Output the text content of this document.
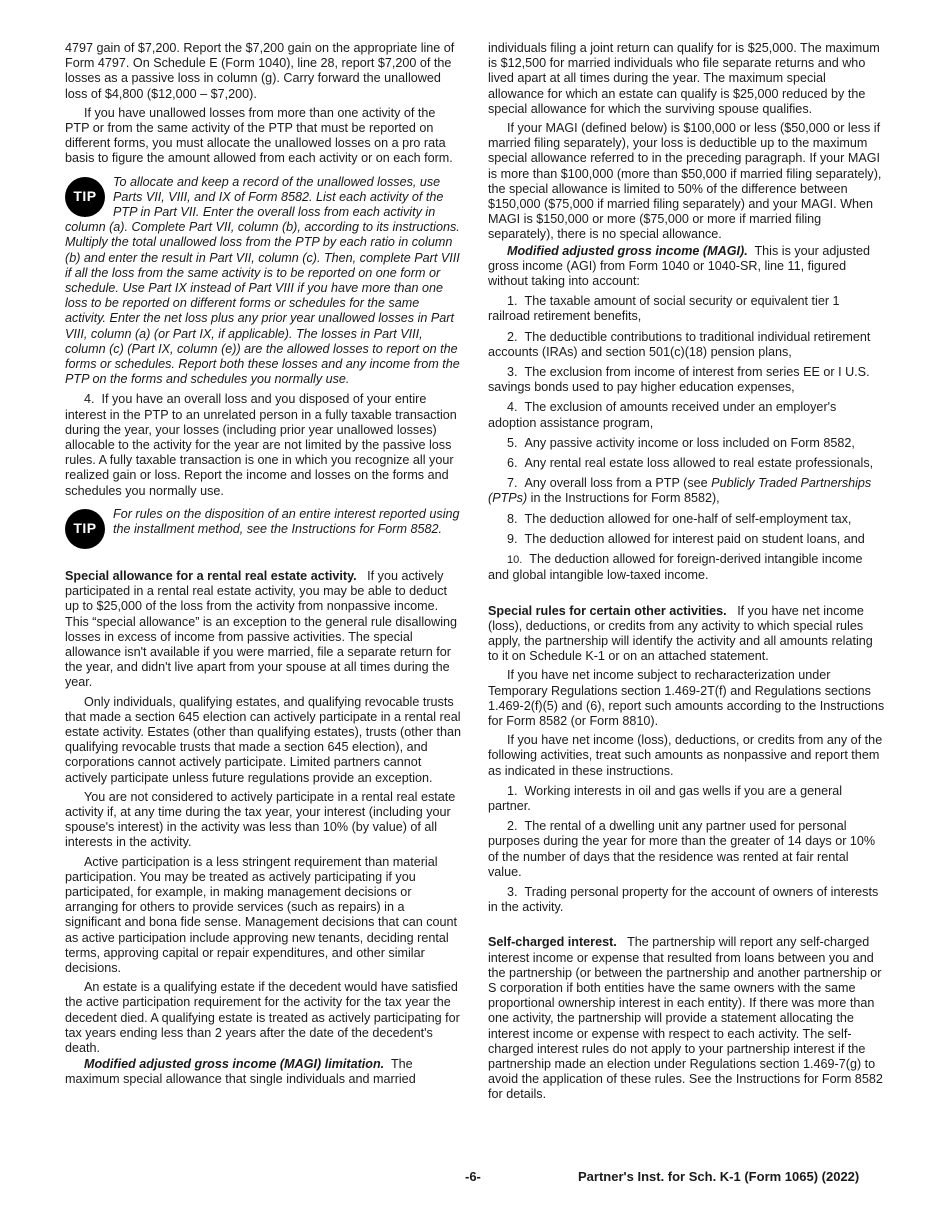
4797 gain of $7,200. Report the $7,200 gain on the appropriate line of Form 4797. On Schedule E (Form 1040), line 28, report $7,200 of the losses as a passive loss in column (g). Carry forward the unallowed loss of $4,800 ($12,000 – $7,200).

If you have unallowed losses from more than one activity of the PTP or from the same activity of the PTP that must be reported on different forms, you must allocate the unallowed losses on a pro rata basis to figure the amount allowed from each activity or on each form.

TIP
To allocate and keep a record of the unallowed losses, use Parts VII, VIII, and IX of Form 8582. List each activity of the PTP in Part VII. Enter the overall loss from each activity in column (a). Complete Part VII, column (b), according to its instructions. Multiply the total unallowed loss from the PTP by each ratio in column (b) and enter the result in Part VII, column (c). Then, complete Part VIII if all the loss from the same activity is to be reported on one form or schedule. Use Part IX instead of Part VIII if you have more than one loss to be reported on different forms or schedules for the same activity. Enter the net loss plus any prior year unallowed losses in Part VIII, column (a) (or Part IX, if applicable). The losses in Part VIII, column (c) (Part IX, column (e)) are the allowed losses to report on the forms or schedules. Report both these losses and any income from the PTP on the forms and schedules you normally use.

4. If you have an overall loss and you disposed of your entire interest in the PTP to an unrelated person in a fully taxable transaction during the year, your losses (including prior year unallowed losses) allocable to the activity for the year are not limited by the passive loss rules. A fully taxable transaction is one in which you recognize all your realized gain or loss. Report the income and losses on the forms and schedules you normally use.

TIP
For rules on the disposition of an entire interest reported using the installment method, see the Instructions for Form 8582.

Special allowance for a rental real estate activity. If you actively participated in a rental real estate activity, you may be able to deduct up to $25,000 of the loss from the activity from nonpassive income. This “special allowance” is an exception to the general rule disallowing losses in excess of income from passive activities. The special allowance isn't available if you were married, file a separate return for the year, and didn't live apart from your spouse at all times during the year.

Only individuals, qualifying estates, and qualifying revocable trusts that made a section 645 election can actively participate in a rental real estate activity. Estates (other than qualifying estates), trusts (other than qualifying revocable trusts that made a section 645 election), and corporations cannot actively participate. Limited partners cannot actively participate unless future regulations provide an exception.

You are not considered to actively participate in a rental real estate activity if, at any time during the tax year, your interest (including your spouse's interest) in the activity was less than 10% (by value) of all interests in the activity.

Active participation is a less stringent requirement than material participation. You may be treated as actively participating if you participated, for example, in making management decisions or arranging for others to provide services (such as repairs) in a significant and bona fide sense. Management decisions that can count as active participation include approving new tenants, deciding rental terms, approving capital or repair expenditures, and other similar decisions.

An estate is a qualifying estate if the decedent would have satisfied the active participation requirement for the activity for the tax year the decedent died. A qualifying estate is treated as actively participating for tax years ending less than 2 years after the date of the decedent's death.

Modified adjusted gross income (MAGI) limitation. The maximum special allowance that single individuals and married

individuals filing a joint return can qualify for is $25,000. The maximum is $12,500 for married individuals who file separate returns and who lived apart at all times during the year. The maximum special allowance for which an estate can qualify is $25,000 reduced by the special allowance for which the surviving spouse qualifies.

If your MAGI (defined below) is $100,000 or less ($50,000 or less if married filing separately), your loss is deductible up to the maximum special allowance referred to in the preceding paragraph. If your MAGI is more than $100,000 (more than $50,000 if married filing separately), the special allowance is limited to 50% of the difference between $150,000 ($75,000 if married filing separately) and your MAGI. When MAGI is $150,000 or more ($75,000 or more if married filing separately), there is no special allowance.

Modified adjusted gross income (MAGI). This is your adjusted gross income (AGI) from Form 1040 or 1040-SR, line 11, figured without taking into account:

1. The taxable amount of social security or equivalent tier 1 railroad retirement benefits,

2. The deductible contributions to traditional individual retirement accounts (IRAs) and section 501(c)(18) pension plans,

3. The exclusion from income of interest from series EE or I U.S. savings bonds used to pay higher education expenses,

4. The exclusion of amounts received under an employer's adoption assistance program,

5. Any passive activity income or loss included on Form 8582,

6. Any rental real estate loss allowed to real estate professionals,

7. Any overall loss from a PTP (see Publicly Traded Partnerships (PTPs) in the Instructions for Form 8582),

8. The deduction allowed for one-half of self-employment tax,

9. The deduction allowed for interest paid on student loans, and

10. The deduction allowed for foreign-derived intangible income and global intangible low-taxed income.

Special rules for certain other activities. If you have net income (loss), deductions, or credits from any activity to which special rules apply, the partnership will identify the activity and all amounts relating to it on Schedule K-1 or on an attached statement.

If you have net income subject to recharacterization under Temporary Regulations section 1.469-2T(f) and Regulations sections 1.469-2(f)(5) and (6), report such amounts according to the Instructions for Form 8582 (or Form 8810).

If you have net income (loss), deductions, or credits from any of the following activities, treat such amounts as nonpassive and report them as indicated in these instructions.

1. Working interests in oil and gas wells if you are a general partner.

2. The rental of a dwelling unit any partner used for personal purposes during the year for more than the greater of 14 days or 10% of the number of days that the residence was rented at fair rental value.

3. Trading personal property for the account of owners of interests in the activity.

Self-charged interest. The partnership will report any self-charged interest income or expense that resulted from loans between you and the partnership (or between the partnership and another partnership or S corporation if both entities have the same owners with the same proportional ownership interest in each entity). If there was more than one activity, the partnership will provide a statement allocating the interest income or expense with respect to each activity. The self-charged interest rules do not apply to your partnership interest if the partnership made an election under Regulations section 1.469-7(g) to avoid the application of these rules. See the Instructions for Form 8582 for details.

-6-	Partner's Inst. for Sch. K-1 (Form 1065) (2022)
